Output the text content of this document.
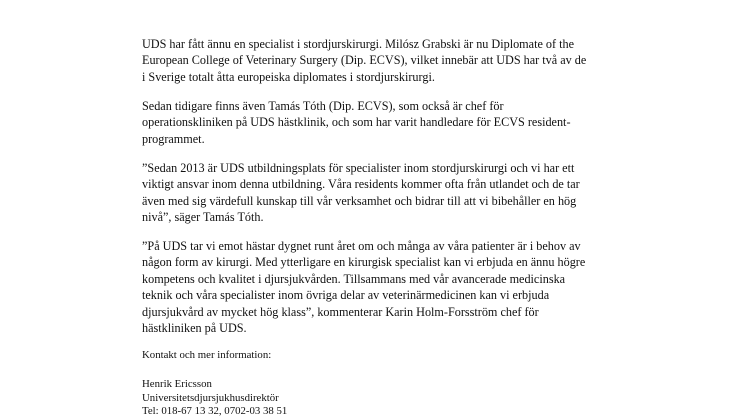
UDS har fått ännu en specialist i stordjurskirurgi. Milósz Grabski är nu Diplomate of the
European College of Veterinary Surgery (Dip. ECVS), vilket innebär att UDS har två av de
i Sverige totalt åtta europeiska diplomates i stordjurskirurgi.

Sedan tidigare finns även Tamás Tóth (Dip. ECVS), som också är chef för
operationskliniken på UDS hästklinik, och som har varit handledare för ECVS resident-
programmet.

”Sedan 2013 är UDS utbildningsplats för specialister inom stordjurskirurgi och vi har ett
viktigt ansvar inom denna utbildning. Våra residents kommer ofta från utlandet och de tar
även med sig värdefull kunskap till vår verksamhet och bidrar till att vi bibehåller en hög
nivå”, säger Tamás Tóth.

”På UDS tar vi emot hästar dygnet runt året om och många av våra patienter är i behov av
någon form av kirurgi. Med ytterligare en kirurgisk specialist kan vi erbjuda en ännu högre
kompetens och kvalitet i djursjukvården. Tillsammans med vår avancerade medicinska
teknik och våra specialister inom övriga delar av veterinärmedicinen kan vi erbjuda
djursjukvård av mycket hög klass”, kommenterar Karin Holm-Forsström chef för
hästkliniken på UDS.

Kontakt och mer information:

Henrik Ericsson
Universitetsdjursjukhusdirektör
Tel: 018-67 13 32, 0702-03 38 51
